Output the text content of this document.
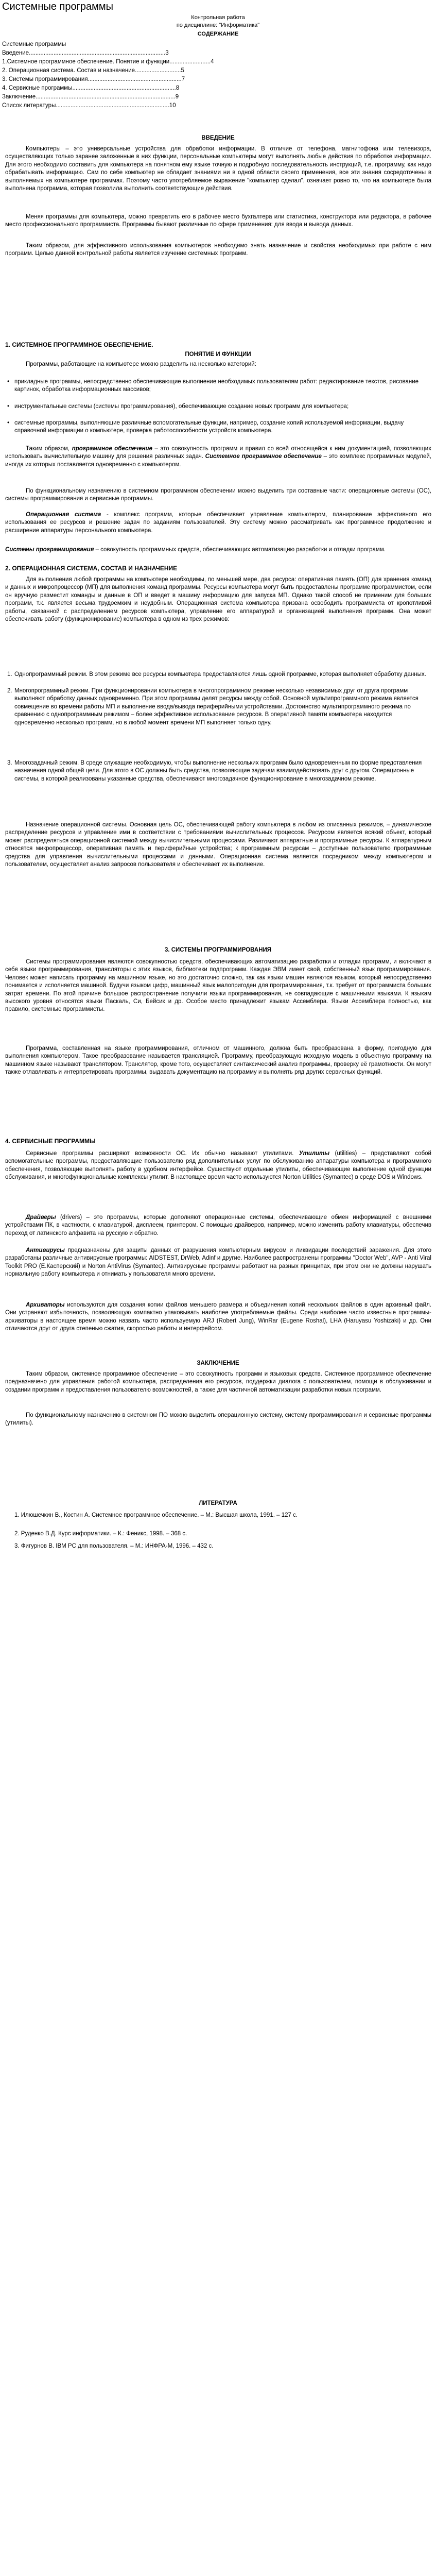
Системные программы
Контрольная работа
по дисциплине: "Информатика"
СОДЕРЖАНИЕ
Системные программы
Введение...................................................................................3
1.Системное программное обеспечение. Понятие и функции.........................4
2. Операционная система. Состав и назначение............................5
3. Системы программирования.........................................................7
4. Сервисные программы...............................................................8
Заключение.....................................................................................9
Список литературы.....................................................................10
ВВЕДЕНИЕ

Компьютеры – это универсальные устройства для обработки информации. В отличие от телефона, магнитофона или телевизора, осуществляющих только заранее заложенные в них функции, персональные компьютеры могут выполнять любые действия по обработке информации. Для этого необходимо составить для компьютера на понятном ему языке точную и подробную последовательность инструкций, т.е. программу, как надо обрабатывать информацию. Сам по себе компьютер не обладает знаниями ни в одной области своего применения, все эти знания сосредоточены в выполняемых на компьютере программах. Поэтому часто употребляемое выражение "компьютер сделал", означает ровно то, что на компьютере была выполнена программа, которая позволила выполнить соответствующие действия.

Меняя программы для компьютера, можно превратить его в рабочее место бухгалтера или статистика, конструктора или редактора, в рабочее место профессионального программиста. Программы бывают различные по сфере применения: для ввода и вывода данных.

Таким образом, для эффективного использования компьютеров необходимо знать назначение и свойства необходимых при работе с ним программ. Целью данной контрольной работы является изучение системных программ.

1. СИСТЕМНОЕ ПРОГРАММНОЕ ОБЕСПЕЧЕНИЕ.
ПОНЯТИЕ И ФУНКЦИИ

Программы, работающие на компьютере можно разделить на несколько категорий:

• прикладные программы, непосредственно обеспечивающие выполнение необходимых пользователям работ: редактирование текстов, рисование картинок, обработка информационных массивов;
• инструментальные системы (системы программирования), обеспечивающие создание новых программ для компьютера;
• системные программы, выполняющие различные вспомогательные функции, например, создание копий используемой информации, выдачу справочной информации о компьютере, проверка работоспособности устройств компьютера.

Таким образом, программное обеспечение – это совокупность программ и правил со всей относящейся к ним документацией, позволяющих использовать вычислительную машину для решения различных задач. Системное программное обеспечение – это комплекс программных модулей, иногда их которых поставляется одновременно с компьютером.

По функциональному назначению в системном программном обеспечении можно выделить три составные части: операционные системы (ОС), системы программирования и сервисные программы.

Операционная система - комплекс программ, которые обеспечивает управление компьютером, планирование эффективного его использования ее ресурсов и решение задач по заданиям пользователей. Эту систему можно рассматривать как программное продолжение и расширение аппаратуры персонального компьютера.

Системы программирования – совокупность программных средств, обеспечивающих автоматизацию разработки и отладки программ.

2. ОПЕРАЦИОННАЯ СИСТЕМА, СОСТАВ И НАЗНАЧЕНИЕ

Для выполнения любой программы на компьютере необходимы, по меньшей мере, два ресурса: оперативная память (ОП) для хранения команд и данных и микропроцессор (МП) для выполнения команд программы. Ресурсы компьютера могут быть предоставлены программе программистом, если он вручную разместит команды и данные в ОП и введет в машину информацию для запуска МП. Однако такой способ не применим для больших программ, т.к. является весьма трудоемким и неудобным. Операционная система компьютера призвана освободить программиста от кропотливой работы, связанной с распределением ресурсов компьютера, управление его аппаратурой и организацией выполнения программ. Она может обеспечивать работу (функционирование) компьютера в одном из трех режимов:

1. Однопрограммный режим. В этом режиме все ресурсы компьютера предоставляются лишь одной программе, которая выполняет обработку данных.
2. Многопрограммный режим. При функционировании компьютера в многопрограммном режиме несколько независимых друг от друга программ выполняют обработку данных одновременно. При этом программы делят ресурсы между собой. Основной мультипрограммного режима является совмещение во времени работы МП и выполнение ввода/вывода периферийными устройствами. Достоинство мультипрограммного режима по сравнению с однопрограммным режимом – более эффективное использование ресурсов. В оперативной памяти компьютера находится одновременно несколько программ, но в любой момент времени МП выполняет только одну.
3. Многозадачный режим. В среде служащие необходимую, чтобы выполнение нескольких программ было одновременным по форме представления назначения одной общей цели. Для этого в ОС должны быть средства, позволяющие задачам взаимодействовать друг с другом. Операционные системы, в которой реализованы указанные средства, обеспечивают многозадачное функционирование в многозадачном режиме.

Назначение операционной системы. Основная цель ОС, обеспечивающей работу компьютера в любом из описанных режимов, – динамическое распределение ресурсов и управление ими в соответствии с требованиями вычислительных процессов. Ресурсом является всякий объект, который может распределяться операционной системой между вычислительными процессами. Различают аппаратные и программные ресурсы. К аппаратурным относятся микропроцессор, оперативная память и периферийные устройства; к программным ресурсам – доступные пользователю программные средства для управления вычислительными процессами и данными. Операционная система является посредником между компьютером и пользователем, осуществляет анализ запросов пользователя и обеспечивает их выполнение.

3. СИСТЕМЫ ПРОГРАММИРОВАНИЯ

Системы программирования являются совокупностью средств, обеспечивающих автоматизацию разработки и отладки программ, и включают в себя языки программирования, трансляторы с этих языков, библиотеки подпрограмм. Каждая ЭВМ имеет свой, собственный язык программирования. Человек может написать программу на машинном языке, но это достаточно сложно, так как языки машин являются языком, который непосредственно понимается и исполняется машиной. Будучи языком цифр, машинный язык малопригоден для программирования, т.к. требует от программиста больших затрат времени. По этой причине большое распространение получили языки программирования, не совпадающие с машинными языками. К языкам высокого уровня относятся языки Паскаль, Си, Бейсик и др. Особое место принадлежит языкам Ассемблера. Языки Ассемблера полностью, как правило, системные программисты.

Программа, составленная на языке программирования, отличном от машинного, должна быть преобразована в форму, пригодную для выполнения компьютером. Такое преобразование называется трансляцией. Программу, преобразующую исходную модель в объектную программу на машинном языке называют транслятором. Транслятор, кроме того, осуществляет синтаксический анализ программы, проверку её грамотности. Он могут также отлавливать и интерпретировать программы, выдавать документацию на программу и выполнять ряд других сервисных функций.

4. СЕРВИСНЫЕ ПРОГРАММЫ

Сервисные программы расширяют возможности ОС. Их обычно называют утилитами. Утилиты (utilities) – представляют собой вспомогательные программы, предоставляющие пользователю ряд дополнительных услуг по обслуживанию аппаратуры компьютера и программного обеспечения, позволяющие выполнять работу в удобном интерфейсе. Существуют отдельные утилиты, обеспечивающие выполнение одной функции обслуживания, и многофункциональные комплексы утилит. В настоящее время часто используются Norton Utilities (Symantec) в среде DOS и Windows.

Драйверы (drivers) – это программы, которые дополняют операционные системы, обеспечивающие обмен информацией с внешними устройствами ПК, в частности, с клавиатурой, дисплеем, принтером. С помощью драйверов, например, можно изменить работу клавиатуры, обеспечив переход от латинского алфавита на русскую и обратно.

Антивирусы предназначены для защиты данных от разрушения компьютерным вирусом и ликвидации последствий заражения. Для этого разработаны различные антивирусные программы: AIDSTEST, DrWeb, Adinf и другие. Наиболее распространены программы "Doctor Web", AVP - Anti Viral Toolkit PRO (Е.Касперский) и Norton AntiVirus (Symantec). Антивирусные программы работают на разных принципах, при этом они не должны нарушать нормальную работу компьютера и отнимать у пользователя много времени.

Архиваторы используются для создания копии файлов меньшего размера и объединения копий нескольких файлов в один архивный файл. Они устраняют избыточность, позволяющую компактно упаковывать наиболее употребляемые файлы. Среди наиболее часто известные программы-архиваторы в настоящее время можно назвать часто используемую ARJ (Robert Jung), WinRar (Eugene Roshal), LHA (Haruyasu Yoshizaki) и др. Они отличаются друг от друга степенью сжатия, скоростью работы и интерфейсом.

ЗАКЛЮЧЕНИЕ

Таким образом, системное программное обеспечение – это совокупность программ и языковых средств. Системное программное обеспечение предназначено для управления работой компьютера, распределения его ресурсов, поддержки диалога с пользователем, помощи в обслуживании и создании программ и предоставления пользователю возможностей, а также для частичной автоматизации разработки новых программ.

По функциональному назначению в системном ПО можно выделить операционную систему, систему программирования и сервисные программы (утилиты).

ЛИТЕРАТУРА
1. Илюшечкин В., Костин А. Системное программное обеспечение. – М.: Высшая школа, 1991. – 127 с.
2. Руденко В.Д. Курс информатики. – К.: Феникс, 1998. – 368 с.
3. Фигурнов В. IBM PC для пользователя. – М.: ИНФРА-М, 1996. – 432 с.
